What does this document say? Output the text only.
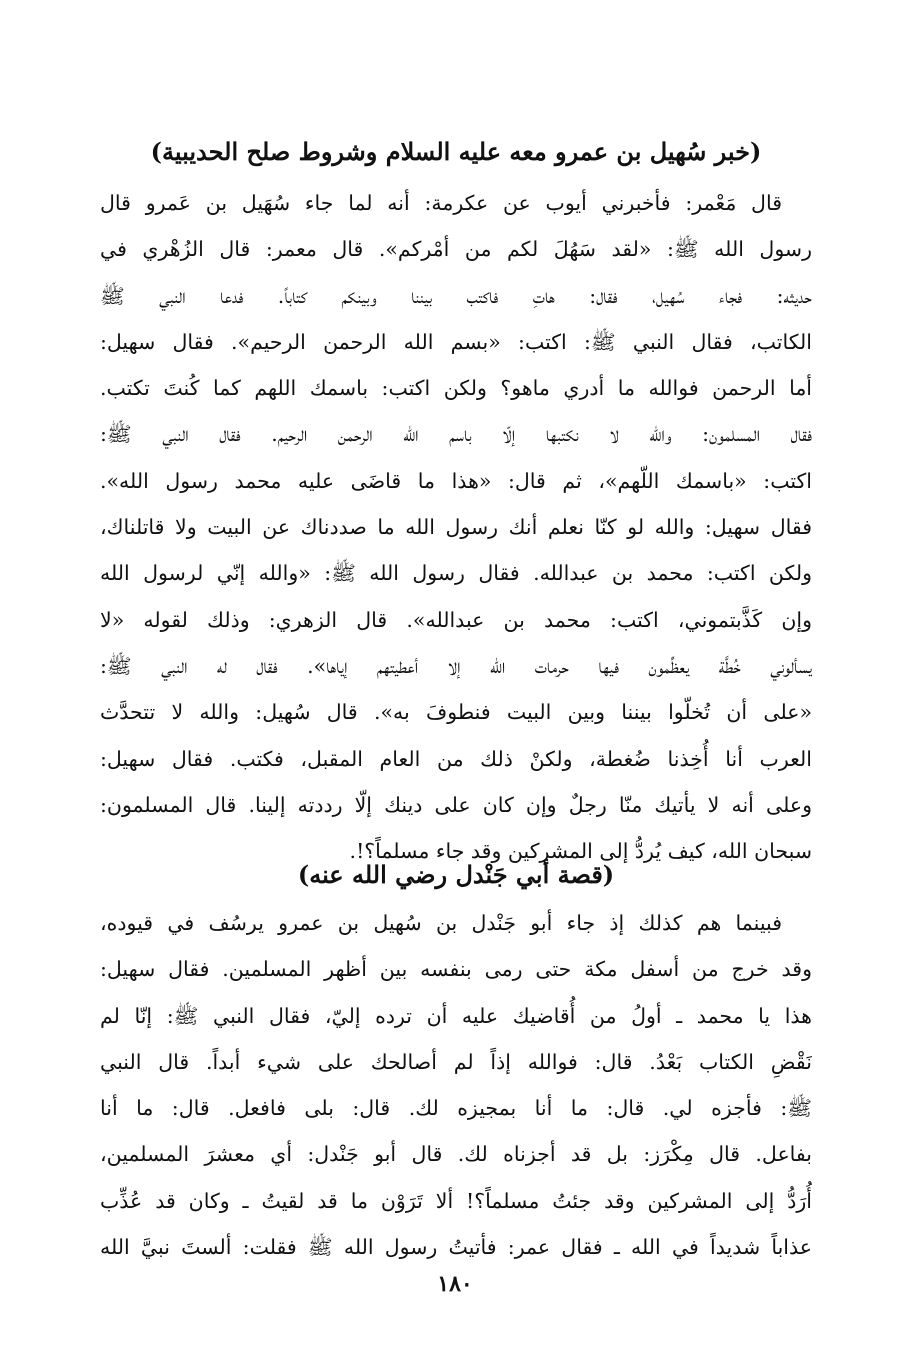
(خبر سُهيل بن عمرو معه عليه السلام وشروط صلح الحديبية)
قال مَعْمر: فأخبرني أيوب عن عكرمة: أنه لما جاء سُهَيل بن عَمرو قال
رسول الله ﷺ: «لقد سَهُلَ لكم من أمْركم». قال معمر: قال الزُهْري في
حديثه: فجاء سُهيل، فقال: هاتِ فاكتب بيننا وبينكم كتاباً. فدعا النبي ﷺ
الكاتب، فقال النبي ﷺ: اكتب: «بسم الله الرحمن الرحيم». فقال سهيل:
أما الرحمن فوالله ما أدري ماهو؟ ولكن اكتب: باسمك اللهم كما كُنتَ تكتب.
فقال المسلمون: والله لا نكتبها إلّا باسم الله الرحمن الرحيم. فقال النبي ﷺ:
اكتب: «باسمك اللّهم»، ثم قال: «هذا ما قاضَى عليه محمد رسول الله».
فقال سهيل: والله لو كنّا نعلم أنك رسول الله ما صددناك عن البيت ولا قاتلناك،
ولكن اكتب: محمد بن عبدالله. فقال رسول الله ﷺ: «والله إنّي لرسول الله
وإن كَذَّبتموني، اكتب: محمد بن عبدالله». قال الزهري: وذلك لقوله «لا
يسألوني خُطَّة يعظِّمون فيها حرمات الله إلا أعطيتهم إياها». فقال له النبي ﷺ:
«على أن تُخلّوا بيننا وبين البيت فنطوفَ به». قال سُهيل: والله لا تتحدَّث
العرب أنا أُخِذنا ضُغطة، ولكنْ ذلك من العام المقبل، فكتب. فقال سهيل:
وعلى أنه لا يأتيك منّا رجلٌ وإن كان على دينك إلّا رددته إلينا. قال المسلمون:
سبحان الله، كيف يُردُّ إلى المشركين وقد جاء مسلماً؟!.
(قصة أبي جَنْدل رضي الله عنه)
فبينما هم كذلك إذ جاء أبو جَنْدل بن سُهيل بن عمرو يرسُف في قيوده،
وقد خرج من أسفل مكة حتى رمى بنفسه بين أظهر المسلمين. فقال سهيل:
هذا يا محمد ـ أولُ من أُقاضيك عليه أن ترده إليّ، فقال النبي ﷺ: إنّا لم
نَقْضِ الكتاب بَعْدُ. قال: فوالله إذاً لم أصالحك على شيء أبداً. قال النبي
ﷺ: فأجزه لي. قال: ما أنا بمجيزه لك. قال: بلى فافعل. قال: ما أنا
بفاعل. قال مِكْرَز: بل قد أجزناه لك. قال أبو جَنْدل: أي معشرَ المسلمين،
أُرَدُّ إلى المشركين وقد جئتُ مسلماً؟! ألا تَرَوْن ما قد لقيتُ ـ وكان قد عُذِّب
عذاباً شديداً في الله ـ فقال عمر: فأتيتُ رسول الله ﷺ فقلت: ألستَ نبيَّ الله
١٨٠
